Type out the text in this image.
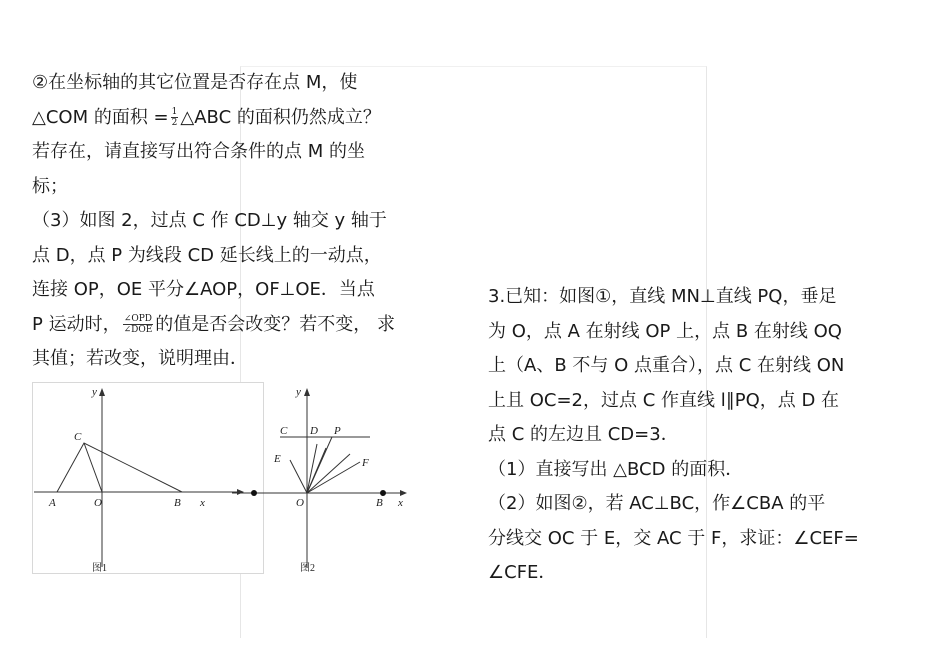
②在坐标轴的其它位置是否存在点 M，使
△COM 的面积 = $\frac{1}{2}$ △ABC 的面积仍然成立？
若存在，请直接写出符合条件的点 M 的坐
标；
（3）如图 2，过点 C 作 CD⊥y 轴交 y 轴于
点 D，点 P 为线段 CD 延长线上的一动点，
连接 OP，OE 平分∠AOP，OF⊥OE．当点
P 运动时， $\frac{\text{∠OPD}}{\text{∠DOE}}$ 的值是否会改变？若不变， 求
其值；若改变，说明理由．
y
x
C
A	O	B
图1
y
x
C D P
E	F
O	B
图2
3.已知：如图①，直线 MN⊥直线 PQ，垂足
为 O，点 A 在射线 OP 上，点 B 在射线 OQ
上（A、B 不与 O 点重合），点 C 在射线 ON
上且 OC=2，过点 C 作直线 l∥PQ，点 D 在
点 C 的左边且 CD=3．
（1）直接写出 △BCD 的面积．
（2）如图②，若 AC⊥BC，作∠CBA 的平
分线交 OC 于 E，交 AC 于 F，求证：∠CEF=
∠CFE．
